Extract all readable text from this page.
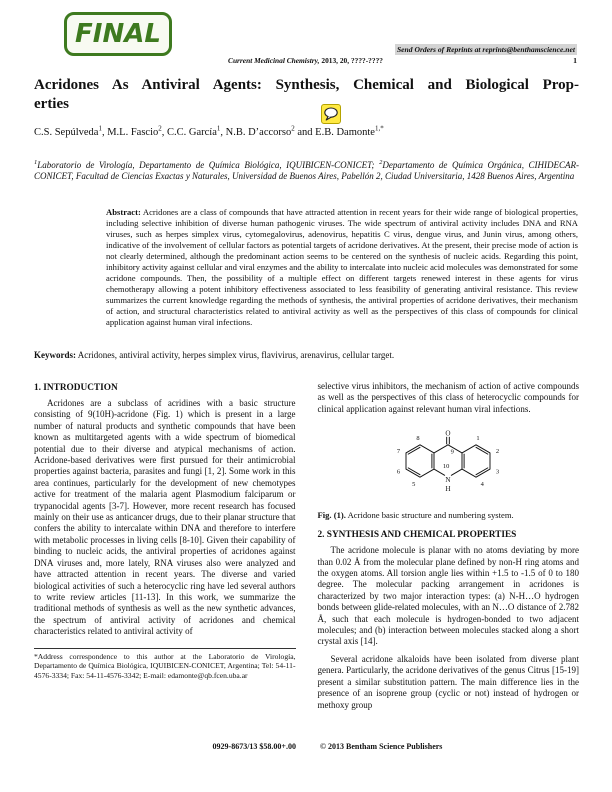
FINAL
Send Orders of Reprints at reprints@benthamscience.net
Current Medicinal Chemistry, 2013, 20, ????-????	1
Acridones As Antiviral Agents: Synthesis, Chemical and Biological Prop-
erties
C.S. Sepúlveda$^1$, M.L. Fascio$^2$, C.C. García$^1$, N.B. D’accorso$^2$ and E.B. Damonte$^{1,*}$
$^1$Laboratorio de Virología, Departamento de Química Biológica, IQUIBICEN-CONICET; $^2$Departamento de Química Orgánica, CIHIDECAR-CONICET, Facultad de Ciencias Exactas y Naturales, Universidad de Buenos Aires, Pabellón 2, Ciudad Universitaria, 1428 Buenos Aires, Argentina
Abstract: Acridones are a class of compounds that have attracted attention in recent years for their wide range of biological properties, including selective inhibition of diverse human pathogenic viruses. The wide spectrum of antiviral activity includes DNA and RNA viruses, such as herpes simplex virus, cytomegalovirus, adenovirus, hepatitis C virus, dengue virus, and Junin virus, among others, indicative of the involvement of cellular factors as potential targets of acridone derivatives. At the present, their precise mode of action is not clearly determined, although the predominant action seems to be centered on the synthesis of nucleic acids. Regarding this point, inhibitory activity against cellular and viral enzymes and the ability to intercalate into nucleic acid molecules was demonstrated for some acridone compounds. Then, the possibility of a multiple effect on different targets renewed interest in these agents for virus chemotherapy allowing a potent inhibitory effectiveness associated to less feasibility of generating antiviral resistance. This review summarizes the current knowledge regarding the methods of synthesis, the antiviral properties of acridone derivatives, their mechanism of action, and structural characteristics related to antiviral activity as well as the perspectives of this class of compounds for clinical application against human viral infections.
Keywords: Acridones, antiviral activity, herpes simplex virus, flavivirus, arenavirus, cellular target.
1. INTRODUCTION

Acridones are a subclass of acridines with a basic structure consisting of 9(10H)-acridone (Fig. 1) which is present in a large number of natural products and synthetic compounds that have been known as multitargeted agents with a wide spectrum of biomedical potential due to their diverse and atypical mechanisms of action. Acridone-based derivatives were first pursued for their antimicrobial properties against bacteria, parasites and fungi [1, 2]. Some work in this area continues, particularly for the development of new chemotypes active for treatment of the malaria agent Plasmodium falciparum or trypanocidal agents [3-7]. However, more recent research has focused mainly on their use as anticancer drugs, due to their planar structure that confers the ability to intercalate within DNA and therefore to interfere with metabolic processes in living cells [8-10]. Given their capability of binding to nucleic acids, the antiviral properties of acridones against DNA viruses and, more lately, RNA viruses also were analyzed and have attracted attention in recent years. The diverse and varied biological activities of such a heterocyclic ring have led several authors to write review articles [11-13]. In this work, we summarize the traditional methods of synthesis as well as the new synthetic advances, the spectrum of antiviral activity of acridones and chemical characteristics related to antiviral activity of

*Address correspondence to this author at the Laboratorio de Virología, Departamento de Química Biológica, IQUIBICEN-CONICET, Argentina; Tel: 54-11-4576-3334; Fax: 54-11-4576-3342; E-mail: edamonte@qb.fcen.uba.ar

selective virus inhibitors, the mechanism of action of active compounds as well as the perspectives of this class of heterocyclic compounds for clinical application against relevant human viral infections.

O
N
H
9
10
1
2
3
4
5
6
7
8
Fig. (1). Acridone basic structure and numbering system.
2. SYNTHESIS AND CHEMICAL PROPERTIES

The acridone molecule is planar with no atoms deviating by more than 0.02 Å from the molecular plane defined by non-H ring atoms and the oxygen atoms. All torsion angle lies within +1.5 to -1.5 of 0 to 180 degree. The molecular packing arrangement in acridones is characterized by two major interaction types: (a) N-H…O hydrogen bonds between glide-related molecules, with an N…O distance of 2.782 Å, such that each molecule is hydrogen-bonded to two adjacent molecules; and (b) interaction between molecules stacked along a short crystal axis [14].

Several acridone alkaloids have been isolated from diverse plant genera. Particularly, the acridone derivatives of the genus Citrus [15-19] present a similar substitution pattern. The main difference lies in the presence of an isoprene group (cyclic or not) instead of hydrogen or methoxy group

0929-8673/13 $58.00+.00	© 2013 Bentham Science Publishers
